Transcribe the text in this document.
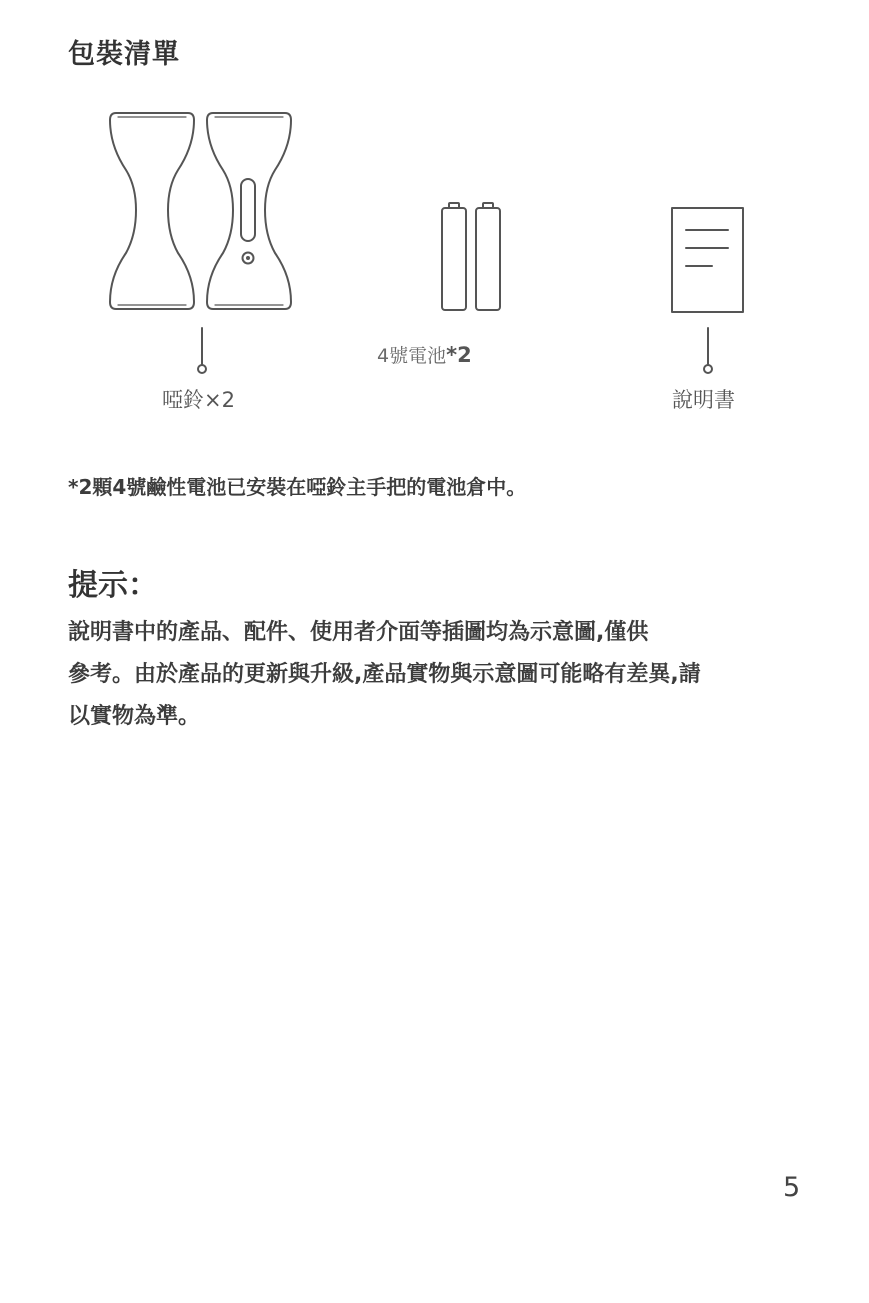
包裝清單
啞鈴×2
4號電池*2
說明書

*2顆4號鹼性電池已安裝在啞鈴主手把的電池倉中。

提示：

說明書中的產品、配件、使用者介面等插圖均為示意圖,僅供
參考。由於產品的更新與升級,產品實物與示意圖可能略有差異,請
以實物為準。

5
